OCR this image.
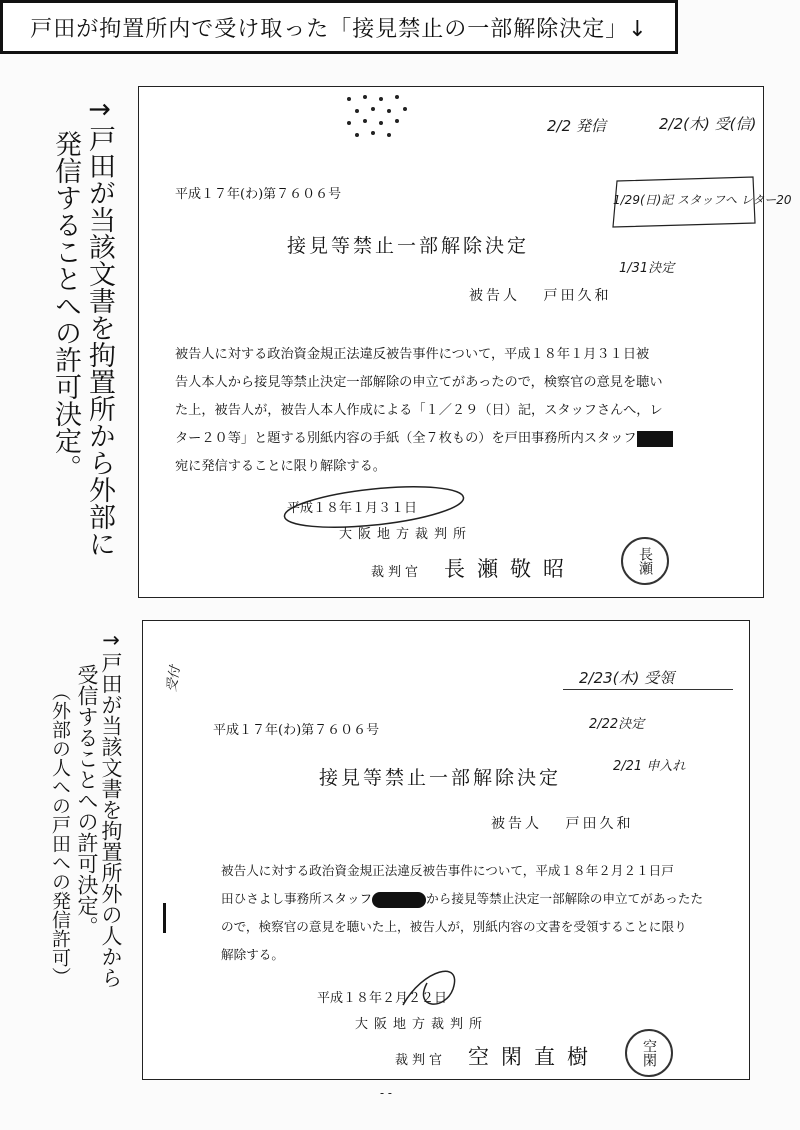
戸田が拘置所内で受け取った「接見禁止の一部解除決定」↓
→戸田が当該文書を拘置所から外部に
発信することへの許可決定。
→戸田が当該文書を拘置所外の人から
受信することへの許可決定。
（外部の人への戸田への発信許可）
平成１７年(わ)第７６０６号
接見等禁止一部解除決定
被告人 戸田久和

被告人に対する政治資金規正法違反被告事件について，平成１８年１月３１日被

告人本人から接見等禁止決定一部解除の申立てがあったので，検察官の意見を聴い

た上，被告人が，被告人本人作成による「１／２９（日）記，スタッフさんへ，レ

ター２０等」と題する別紙内容の手紙（全７枚もの）を戸田事務所内スタッフ

宛に発信することに限り解除する。

平成１８年１月３１日
大阪地方裁判所
裁判官 長瀬敬昭	長瀬
2/2 発信	2/2(木) 受(信)
1/29(日)記 スタッフへ レター20
1/31決定
受付
平成１７年(わ)第７６０６号
接見等禁止一部解除決定
被告人 戸田久和

被告人に対する政治資金規正法違反被告事件について，平成１８年２月２１日戸

田ひさよし事務所スタッフ	から接見等禁止決定一部解除の申立てがあったた

ので，検察官の意見を聴いた上，被告人が，別紙内容の文書を受領することに限り

解除する。

平成１８年２月２２日
大阪地方裁判所
裁判官 空閑直樹	空閑
2/23(木) 受領
2/22決定
2/21 申入れ
- -
